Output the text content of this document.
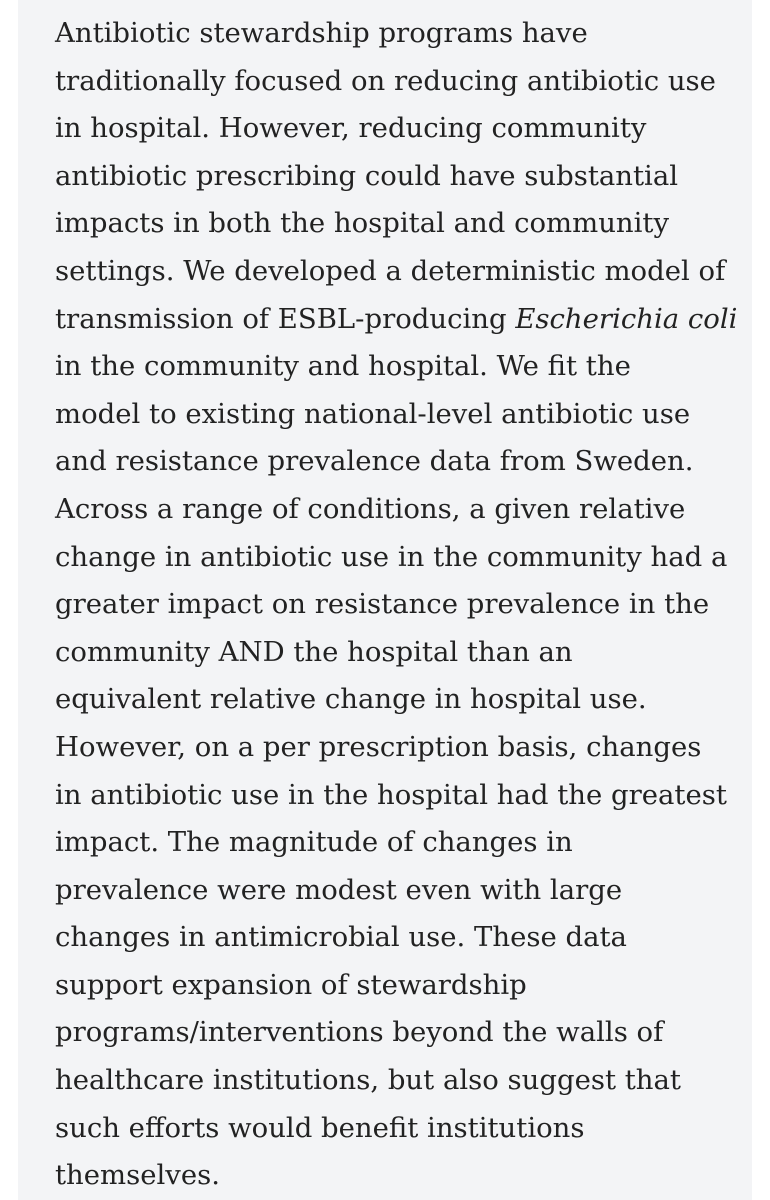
Antibiotic stewardship programs have
traditionally focused on reducing antibiotic use
in hospital. However, reducing community
antibiotic prescribing could have substantial
impacts in both the hospital and community
settings. We developed a deterministic model of
transmission of ESBL-producing Escherichia coli
in the community and hospital. We fit the
model to existing national-level antibiotic use
and resistance prevalence data from Sweden.
Across a range of conditions, a given relative
change in antibiotic use in the community had a
greater impact on resistance prevalence in the
community AND the hospital than an
equivalent relative change in hospital use.
However, on a per prescription basis, changes
in antibiotic use in the hospital had the greatest
impact. The magnitude of changes in
prevalence were modest even with large
changes in antimicrobial use. These data
support expansion of stewardship
programs/interventions beyond the walls of
healthcare institutions, but also suggest that
such efforts would benefit institutions
themselves.
